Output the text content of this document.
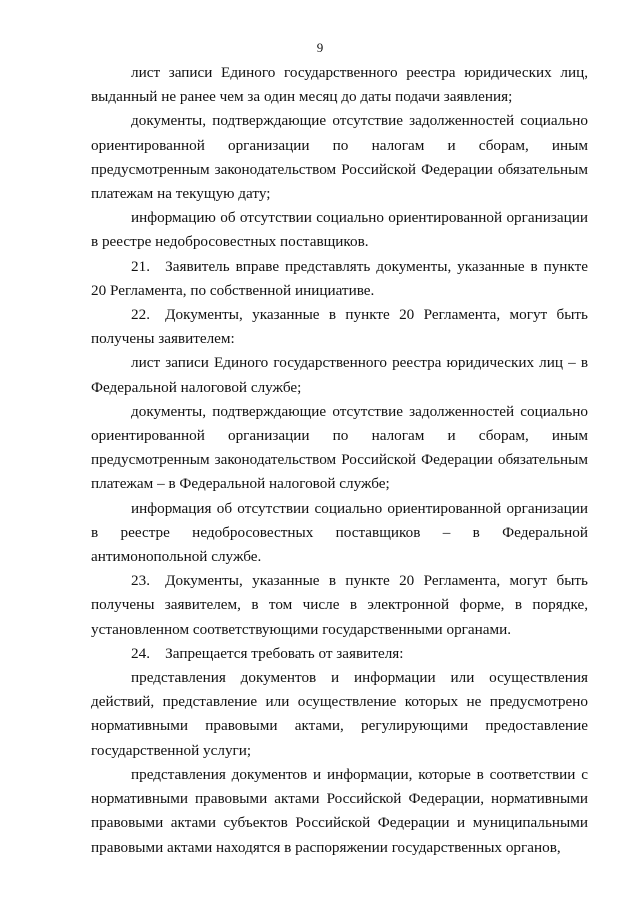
9

лист записи Единого государственного реестра юридических лиц, выданный не ранее чем за один месяц до даты подачи заявления;

документы, подтверждающие отсутствие задолженностей социально ориентированной организации по налогам и сборам, иным предусмотренным законодательством Российской Федерации обязательным платежам на текущую дату;

информацию об отсутствии социально ориентированной организации в реестре недобросовестных поставщиков.

21. Заявитель вправе представлять документы, указанные в пункте 20 Регламента, по собственной инициативе.

22. Документы, указанные в пункте 20 Регламента, могут быть получены заявителем:

лист записи Единого государственного реестра юридических лиц – в Федеральной налоговой службе;

документы, подтверждающие отсутствие задолженностей социально ориентированной организации по налогам и сборам, иным предусмотренным законодательством Российской Федерации обязательным платежам – в Федеральной налоговой службе;

информация об отсутствии социально ориентированной организации в реестре недобросовестных поставщиков – в Федеральной антимонопольной службе.

23. Документы, указанные в пункте 20 Регламента, могут быть получены заявителем, в том числе в электронной форме, в порядке, установленном соответствующими государственными органами.

24. Запрещается требовать от заявителя:

представления документов и информации или осуществления действий, представление или осуществление которых не предусмотрено нормативными правовыми актами, регулирующими предоставление государственной услуги;

представления документов и информации, которые в соответствии с нормативными правовыми актами Российской Федерации, нормативными правовыми актами субъектов Российской Федерации и муниципальными правовыми актами находятся в распоряжении государственных органов,
